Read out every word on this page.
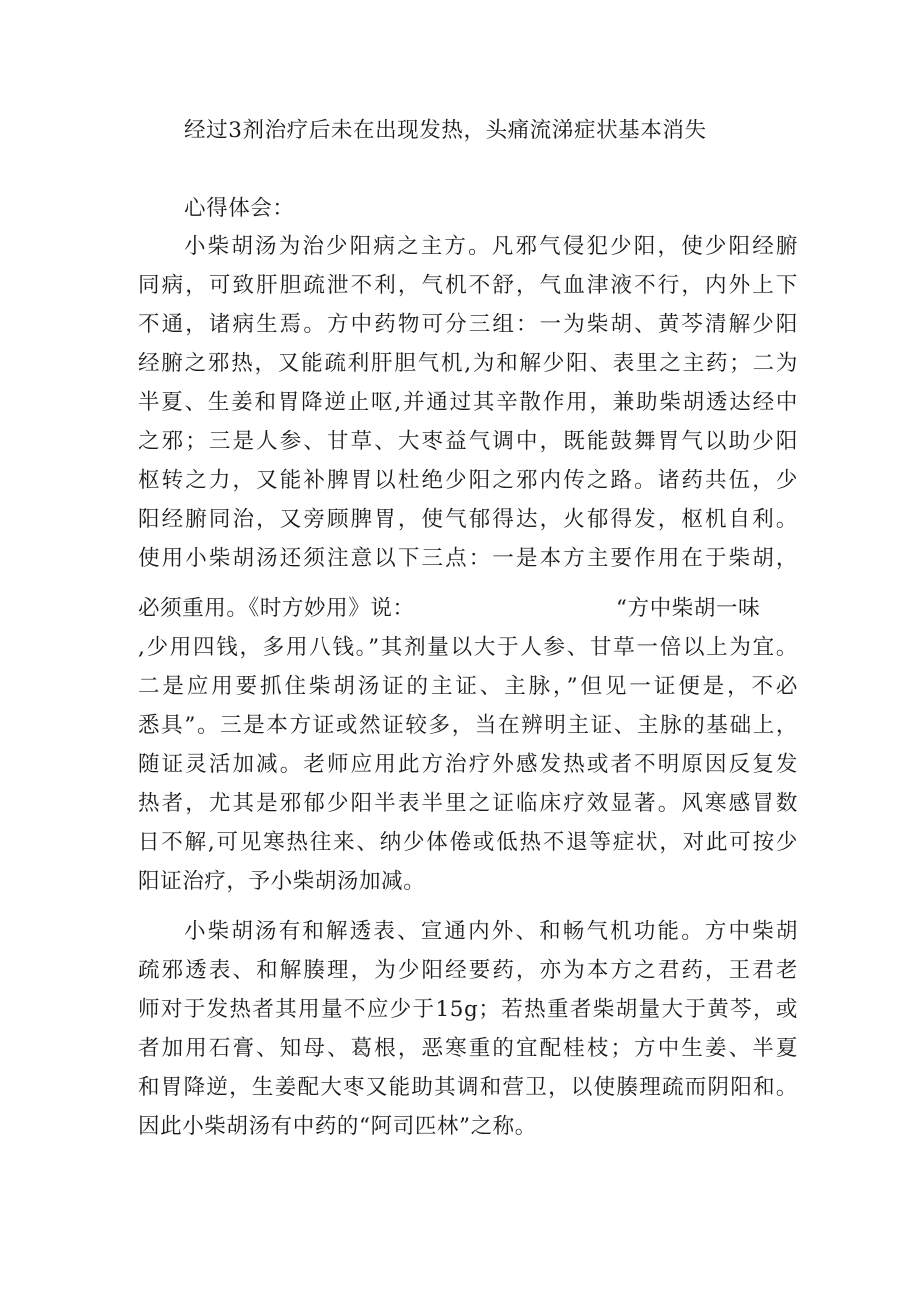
经过3剂治疗后未在出现发热，头痛流涕症状基本消失
心得体会：
小柴胡汤为治少阳病之主方。凡邪气侵犯少阳，使少阳经腑
同病，可致肝胆疏泄不利，气机不舒，气血津液不行，内外上下
不通，诸病生焉。方中药物可分三组：一为柴胡、黄芩清解少阳
经腑之邪热，又能疏利肝胆气机,为和解少阳、表里之主药；二为
半夏、生姜和胃降逆止呕,并通过其辛散作用，兼助柴胡透达经中
之邪；三是人参、甘草、大枣益气调中，既能鼓舞胃气以助少阳
枢转之力，又能补脾胃以杜绝少阳之邪内传之路。诸药共伍，少
阳经腑同治，又旁顾脾胃，使气郁得达，火郁得发，枢机自利。
使用小柴胡汤还须注意以下三点：一是本方主要作用在于柴胡，
必须重用。《时方妙用》说：	“方中柴胡一味
,少用四钱，多用八钱。”其剂量以大于人参、甘草一倍以上为宜。
二是应用要抓住柴胡汤证的主证、主脉，”但见一证便是，不必
悉具”。三是本方证或然证较多，当在辨明主证、主脉的基础上，
随证灵活加减。老师应用此方治疗外感发热或者不明原因反复发
热者，尤其是邪郁少阳半表半里之证临床疗效显著。风寒感冒数
日不解,可见寒热往来、纳少体倦或低热不退等症状，对此可按少
阳证治疗，予小柴胡汤加减。
小柴胡汤有和解透表、宣通内外、和畅气机功能。方中柴胡
疏邪透表、和解腠理，为少阳经要药，亦为本方之君药，王君老
师对于发热者其用量不应少于15g；若热重者柴胡量大于黄芩，或
者加用石膏、知母、葛根，恶寒重的宜配桂枝；方中生姜、半夏
和胃降逆，生姜配大枣又能助其调和营卫，以使腠理疏而阴阳和。
因此小柴胡汤有中药的“阿司匹林”之称。
